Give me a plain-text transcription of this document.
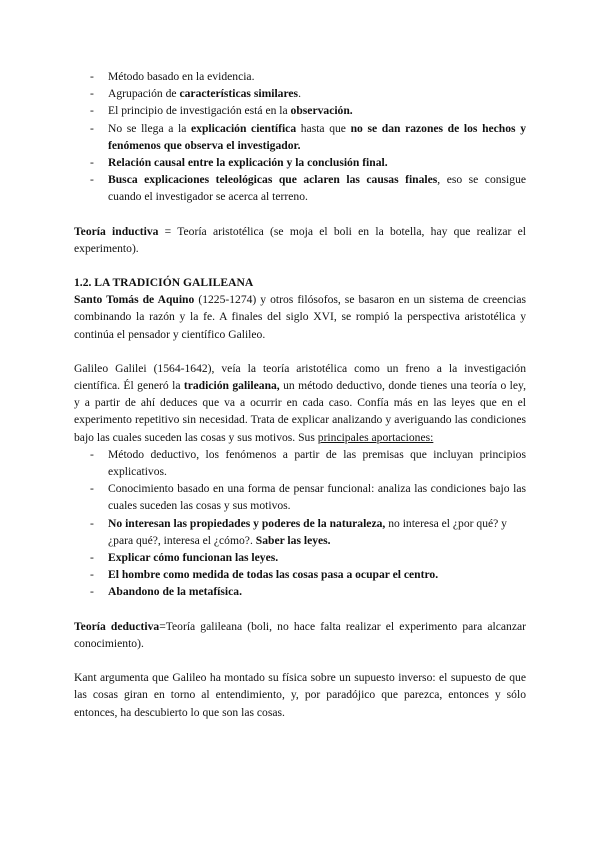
- Método basado en la evidencia.
- Agrupación de características similares.
- El principio de investigación está en la observación.
- No se llega a la explicación científica hasta que no se dan razones de los hechos y fenómenos que observa el investigador.
- Relación causal entre la explicación y la conclusión final.
- Busca explicaciones teleológicas que aclaren las causas finales, eso se consigue cuando el investigador se acerca al terreno.

Teoría inductiva = Teoría aristotélica (se moja el boli en la botella, hay que realizar el experimento).

1.2. LA TRADICIÓN GALILEANA

Santo Tomás de Aquino (1225-1274) y otros filósofos, se basaron en un sistema de creencias combinando la razón y la fe. A finales del siglo XVI, se rompió la perspectiva aristotélica y continúa el pensador y científico Galileo.

Galileo Galilei (1564-1642), veía la teoría aristotélica como un freno a la investigación científica. Él generó la tradición galileana, un método deductivo, donde tienes una teoría o ley, y a partir de ahí deduces que va a ocurrir en cada caso. Confía más en las leyes que en el experimento repetitivo sin necesidad. Trata de explicar analizando y averiguando las condiciones bajo las cuales suceden las cosas y sus motivos. Sus principales aportaciones:

- Método deductivo, los fenómenos a partir de las premisas que incluyan principios explicativos.
- Conocimiento basado en una forma de pensar funcional: analiza las condiciones bajo las cuales suceden las cosas y sus motivos.
- No interesan las propiedades y poderes de la naturaleza, no interesa el ¿por qué? y ¿para qué?, interesa el ¿cómo?. Saber las leyes.
- Explicar cómo funcionan las leyes.
- El hombre como medida de todas las cosas pasa a ocupar el centro.
- Abandono de la metafísica.

Teoría deductiva=Teoría galileana (boli, no hace falta realizar el experimento para alcanzar conocimiento).

Kant argumenta que Galileo ha montado su física sobre un supuesto inverso: el supuesto de que las cosas giran en torno al entendimiento, y, por paradójico que parezca, entonces y sólo entonces, ha descubierto lo que son las cosas.
